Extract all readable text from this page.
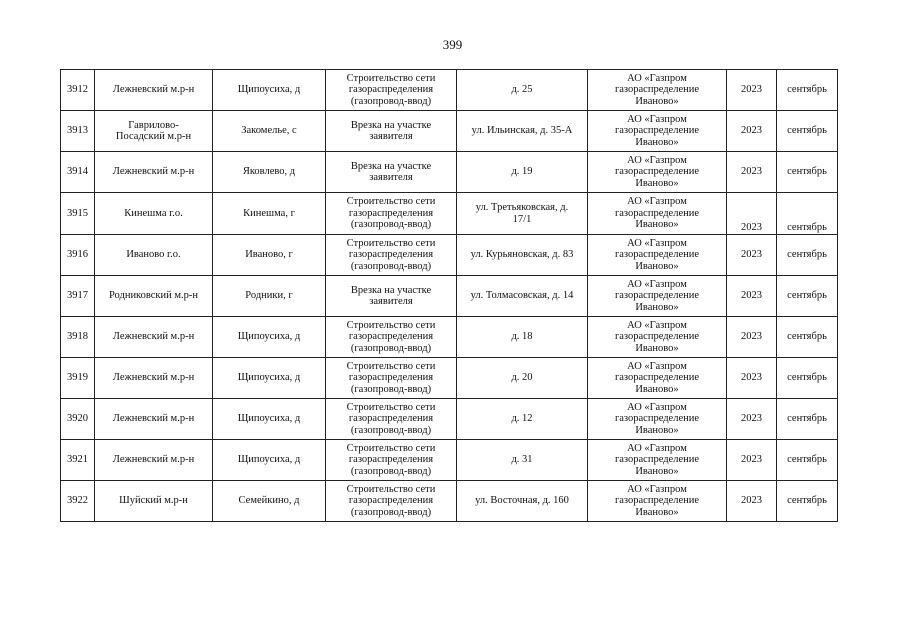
399
3912	Лежневский м.р-н	Щипоусиха, д	Строительство сети
газораспределения
(газопровод-ввод)	д. 25	АО «Газпром
газораспределение
Иваново»	2023	сентябрь
3913	Гаврилово-
Посадский м.р-н	Закомелье, с	Врезка на участке
заявителя	ул. Ильинская, д. 35-А	АО «Газпром
газораспределение
Иваново»	2023	сентябрь
3914	Лежневский м.р-н	Яковлево, д	Врезка на участке
заявителя	д. 19	АО «Газпром
газораспределение
Иваново»	2023	сентябрь
3915	Кинешма г.о.	Кинешма, г	Строительство сети
газораспределения
(газопровод-ввод)	ул. Третьяковская, д.
17/1	АО «Газпром
газораспределение
Иваново»	2023	сентябрь
3916	Иваново г.о.	Иваново, г	Строительство сети
газораспределения
(газопровод-ввод)	ул. Курьяновская, д. 83	АО «Газпром
газораспределение
Иваново»	2023	сентябрь
3917	Родниковский м.р-н	Родники, г	Врезка на участке
заявителя	ул. Толмасовская, д. 14	АО «Газпром
газораспределение
Иваново»	2023	сентябрь
3918	Лежневский м.р-н	Щипоусиха, д	Строительство сети
газораспределения
(газопровод-ввод)	д. 18	АО «Газпром
газораспределение
Иваново»	2023	сентябрь
3919	Лежневский м.р-н	Щипоусиха, д	Строительство сети
газораспределения
(газопровод-ввод)	д. 20	АО «Газпром
газораспределение
Иваново»	2023	сентябрь
3920	Лежневский м.р-н	Щипоусиха, д	Строительство сети
газораспределения
(газопровод-ввод)	д. 12	АО «Газпром
газораспределение
Иваново»	2023	сентябрь
3921	Лежневский м.р-н	Щипоусиха, д	Строительство сети
газораспределения
(газопровод-ввод)	д. 31	АО «Газпром
газораспределение
Иваново»	2023	сентябрь
3922	Шуйский м.р-н	Семейкино, д	Строительство сети
газораспределения
(газопровод-ввод)	ул. Восточная, д. 160	АО «Газпром
газораспределение
Иваново»	2023	сентябрь
